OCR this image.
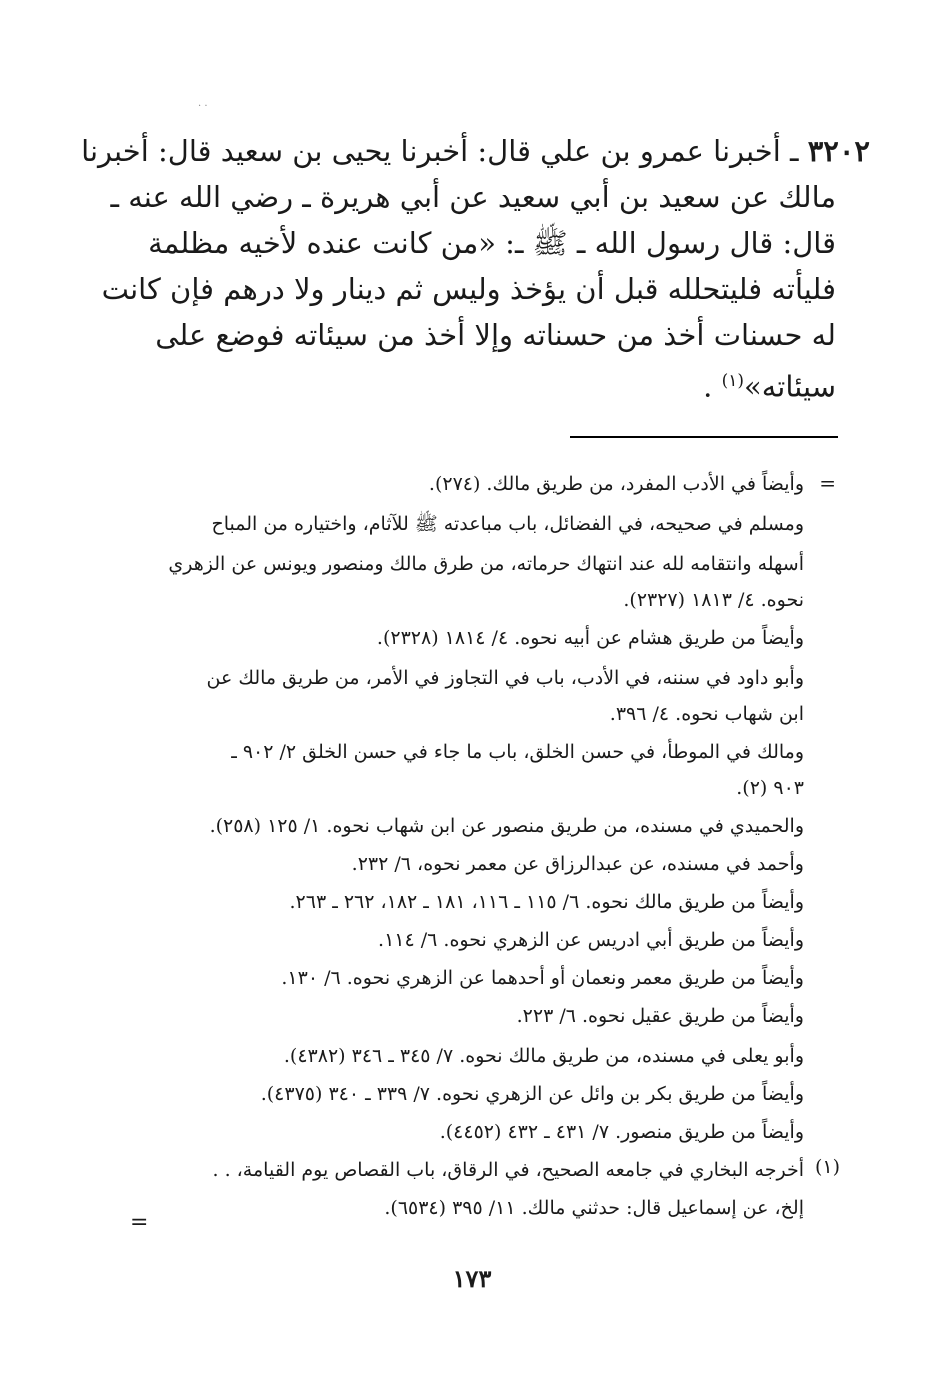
. .
٣٢٠٢ ـ أخبرنا عمرو بن علي قال: أخبرنا يحيى بن سعيد قال: أخبرنا
مالك عن سعيد بن أبي سعيد عن أبي هريرة ـ رضي الله عنه ـ
قال: قال رسول الله ـ ﷺ ـ: «من كانت عنده لأخيه مظلمة
فليأته فليتحلله قبل أن يؤخذ وليس ثم دينار ولا درهم فإن كانت
له حسنات أخذ من حسناته وإلا أخذ من سيئاته فوضع على
سيئاته»$^{(١)}$ .
=
وأيضاً في الأدب المفرد، من طريق مالك. (٢٧٤).
ومسلم في صحيحه، في الفضائل، باب مباعدته ﷺ للآثام، واختياره من المباح
أسهله وانتقامه لله عند انتهاك حرماته، من طرق مالك ومنصور ويونس عن الزهري
نحوه. ٤/ ١٨١٣ (٢٣٢٧).
وأيضاً من طريق هشام عن أبيه نحوه. ٤/ ١٨١٤ (٢٣٢٨).
وأبو داود في سننه، في الأدب، باب في التجاوز في الأمر، من طريق مالك عن
ابن شهاب نحوه. ٤/ ٣٩٦.
ومالك في الموطأ، في حسن الخلق، باب ما جاء في حسن الخلق ٢/ ٩٠٢ ـ
٩٠٣ (٢).
والحميدي في مسنده، من طريق منصور عن ابن شهاب نحوه. ١/ ١٢٥ (٢٥٨).
وأحمد في مسنده، عن عبدالرزاق عن معمر نحوه، ٦/ ٢٣٢.
وأيضاً من طريق مالك نحوه. ٦/ ١١٥ ـ ١١٦، ١٨١ ـ ١٨٢، ٢٦٢ ـ ٢٦٣.
وأيضاً من طريق أبي ادريس عن الزهري نحوه. ٦/ ١١٤.
وأيضاً من طريق معمر ونعمان أو أحدهما عن الزهري نحوه. ٦/ ١٣٠.
وأيضاً من طريق عقيل نحوه. ٦/ ٢٢٣.
وأبو يعلى في مسنده، من طريق مالك نحوه. ٧/ ٣٤٥ ـ ٣٤٦ (٤٣٨٢).
وأيضاً من طريق بكر بن وائل عن الزهري نحوه. ٧/ ٣٣٩ ـ ٣٤٠ (٤٣٧٥).
وأيضاً من طريق منصور. ٧/ ٤٣١ ـ ٤٣٢ (٤٤٥٢).
(١)
أخرجه البخاري في جامعه الصحيح، في الرقاق، باب القصاص يوم القيامة، . .
إلخ، عن إسماعيل قال: حدثني مالك. ١١/ ٣٩٥ (٦٥٣٤).
=
١٧٣
